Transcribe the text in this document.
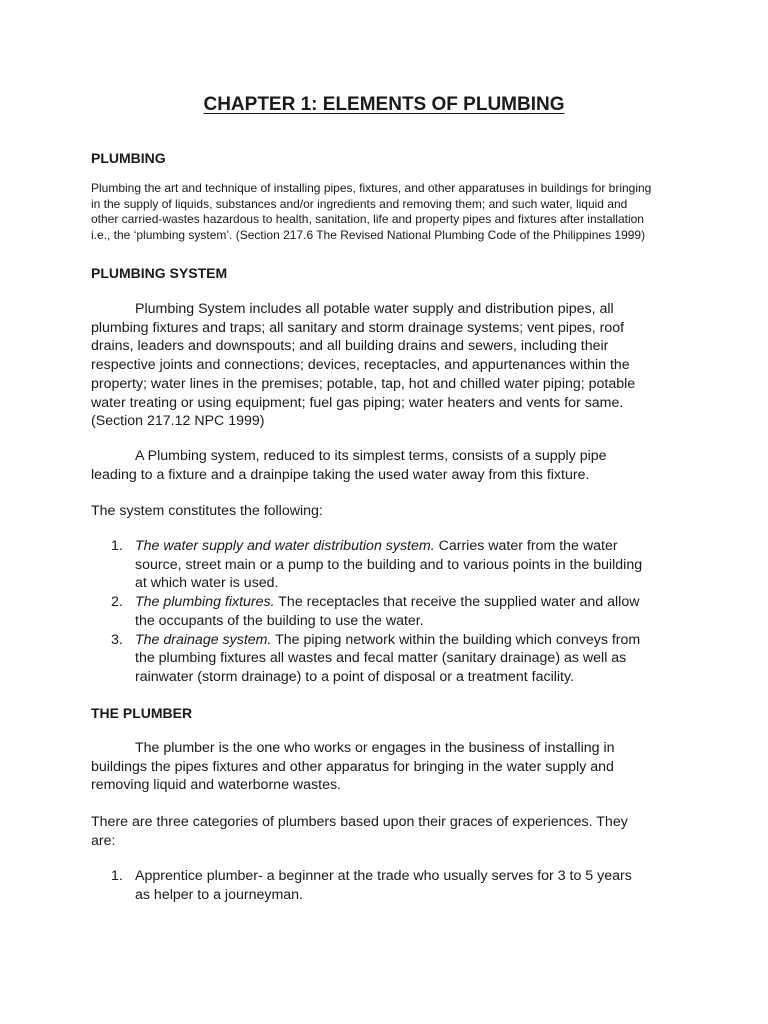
CHAPTER 1: ELEMENTS OF PLUMBING
PLUMBING

Plumbing the art and technique of installing pipes, fixtures, and other apparatuses in buildings for bringing
in the supply of liquids, substances and/or ingredients and removing them; and such water, liquid and
other carried-wastes hazardous to health, sanitation, life and property pipes and fixtures after installation
i.e., the ‘plumbing system’. (Section 217.6 The Revised National Plumbing Code of the Philippines 1999)

PLUMBING SYSTEM

Plumbing System includes all potable water supply and distribution pipes, all
plumbing fixtures and traps; all sanitary and storm drainage systems; vent pipes, roof
drains, leaders and downspouts; and all building drains and sewers, including their
respective joints and connections; devices, receptacles, and appurtenances within the
property; water lines in the premises; potable, tap, hot and chilled water piping; potable
water treating or using equipment; fuel gas piping; water heaters and vents for same.
(Section 217.12 NPC 1999)

A Plumbing system, reduced to its simplest terms, consists of a supply pipe
leading to a fixture and a drainpipe taking the used water away from this fixture.

The system constitutes the following:

1. The water supply and water distribution system. Carries water from the water
source, street main or a pump to the building and to various points in the building
at which water is used.
2. The plumbing fixtures. The receptacles that receive the supplied water and allow
the occupants of the building to use the water.
3. The drainage system. The piping network within the building which conveys from
the plumbing fixtures all wastes and fecal matter (sanitary drainage) as well as
rainwater (storm drainage) to a point of disposal or a treatment facility.
THE PLUMBER

The plumber is the one who works or engages in the business of installing in
buildings the pipes fixtures and other apparatus for bringing in the water supply and
removing liquid and waterborne wastes.

There are three categories of plumbers based upon their graces of experiences. They
are:

1. Apprentice plumber- a beginner at the trade who usually serves for 3 to 5 years
as helper to a journeyman.
